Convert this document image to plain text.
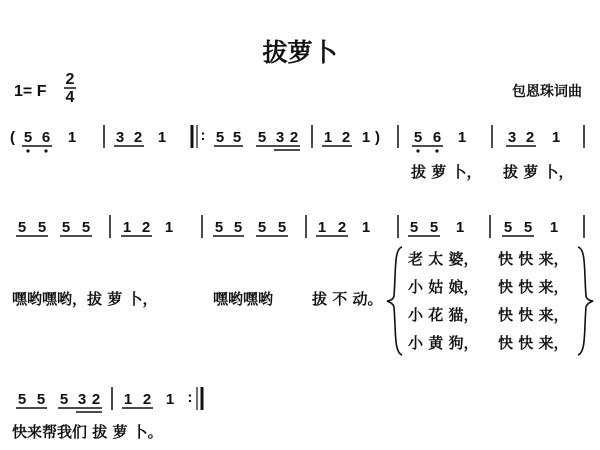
拔萝卜
1= F
2
4	包恩珠词曲
( 5 6 1	3 2 1 : 5 5 5 3 2 1 2 1 ) 5 6 1	3 2 1
拔 萝 卜， 拔 萝 卜，
5 5 5 5 1 2 1	5 5 5 5 1 2 1	5 5 1	5 5 1
嘿哟嘿哟，拔 萝 卜，	嘿哟嘿哟	拔 不 动。
老 太 婆， 快 快 来，
小 姑 娘， 快 快 来，
小 花 猫， 快 快 来，
小 黄 狗， 快 快 来，
5 5 5 3 2 1 2 1 :
快来帮我们 拔 萝 卜。
